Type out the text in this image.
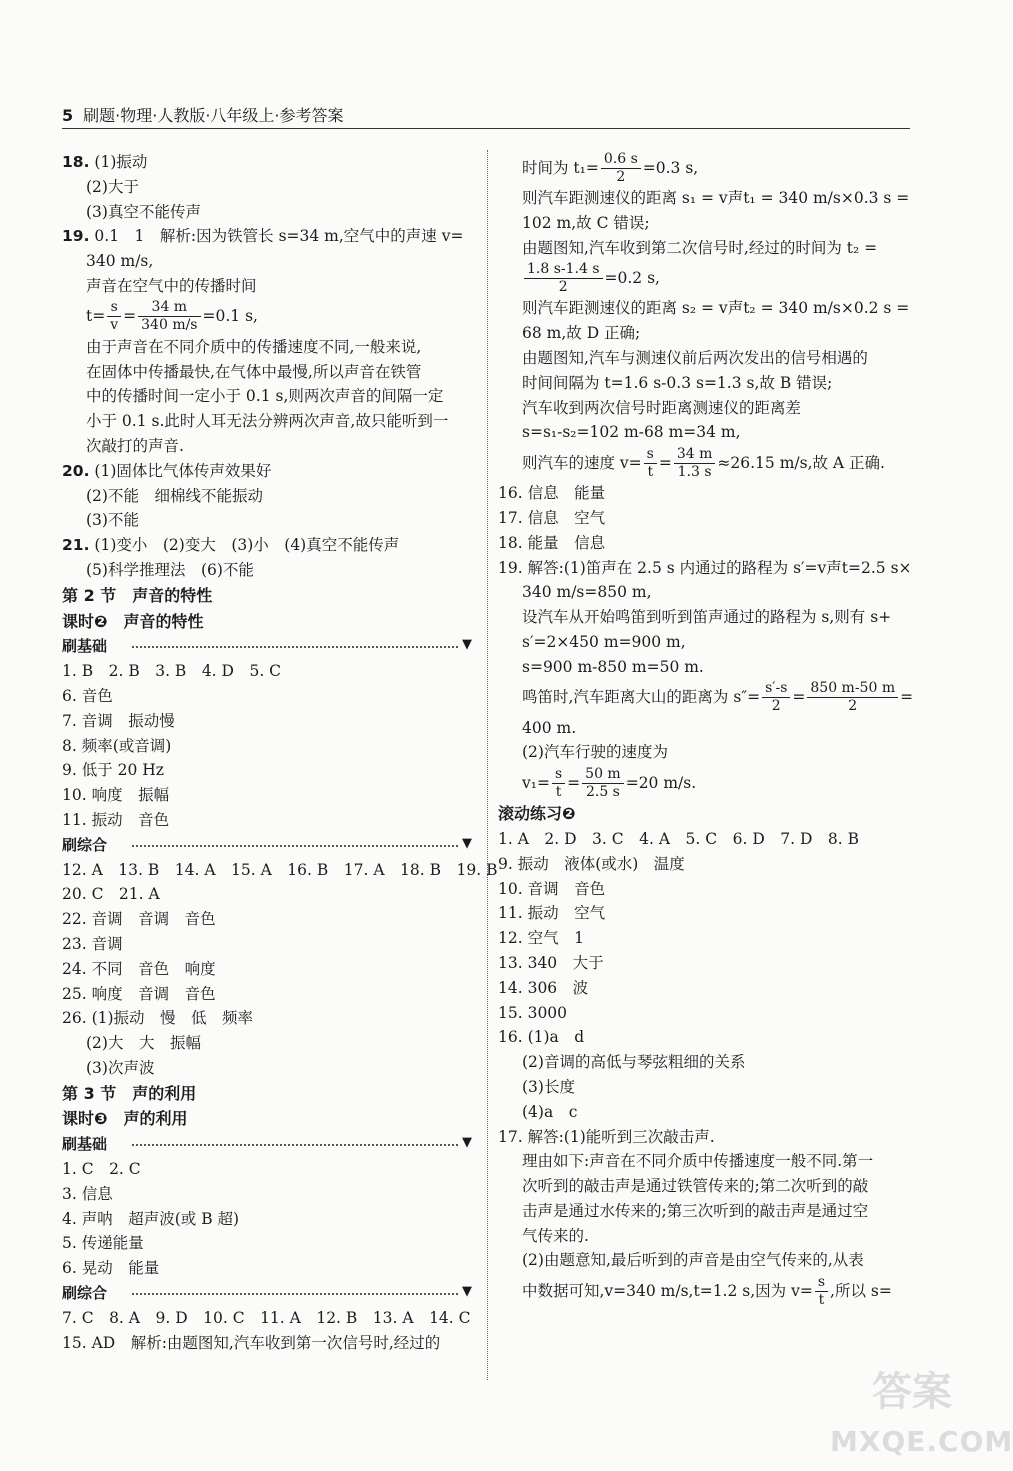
5 刷题·物理·人教版·八年级上·参考答案
18. (1)振动
(2)大于
(3)真空不能传声
19. 0.1　1　解析:因为铁管长 s=34 m,空气中的声速 v=
340 m/s,
声音在空气中的传播时间
$t= \frac{s}{v} = \frac{34 m}{340 m/s} =0.1$ s,
由于声音在不同介质中的传播速度不同,一般来说,
在固体中传播最快,在气体中最慢,所以声音在铁管
中的传播时间一定小于 0.1 s,则两次声音的间隔一定
小于 0.1 s.此时人耳无法分辨两次声音,故只能听到一
次敲打的声音.
20. (1)固体比气体传声效果好
(2)不能　细棉线不能振动
(3)不能
21. (1)变小　(2)变大　(3)小　(4)真空不能传声
(5)科学推理法　(6)不能
第 2 节　声音的特性
课时❷　声音的特性
刷基础	▼
1. B　2. B　3. B　4. D　5. C
6. 音色
7. 音调　振动慢
8. 频率(或音调)
9. 低于 20 Hz
10. 响度　振幅
11. 振动　音色
刷综合	▼
12. A　13. B　14. A　15. A　16. B　17. A　18. B　19. B
20. C　21. A
22. 音调　音调　音色
23. 音调
24. 不同　音色　响度
25. 响度　音调　音色
26. (1)振动　慢　低　频率
(2)大　大　振幅
(3)次声波
第 3 节　声的利用
课时❸　声的利用
刷基础	▼
1. C　2. C
3. 信息
4. 声呐　超声波(或 B 超)
5. 传递能量
6. 晃动　能量
刷综合	▼
7. C　8. A　9. D　10. C　11. A　12. B　13. A　14. C
15. AD　解析:由题图知,汽车收到第一次信号时,经过的
时间为 $t_1= \frac{0.6 s}{2} =0.3$ s,
则汽车距测速仪的距离 s₁ = v声t₁ = 340 m/s×0.3 s =
102 m,故 C 错误;
由题图知,汽车收到第二次信号时,经过的时间为 t₂ =
$\frac{1.8 s-1.4 s}{2} =0.2$ s,
则汽车距测速仪的距离 s₂ = v声t₂ = 340 m/s×0.2 s =
68 m,故 D 正确;
由题图知,汽车与测速仪前后两次发出的信号相遇的
时间间隔为 t=1.6 s-0.3 s=1.3 s,故 B 错误;
汽车收到两次信号时距离测速仪的距离差
s=s₁-s₂=102 m-68 m=34 m,
则汽车的速度 $v= \frac{s}{t} = \frac{34 m}{1.3 s} \approx 26.15$ m/s,故 A 正确.
16. 信息　能量
17. 信息　空气
18. 能量　信息
19. 解答:(1)笛声在 2.5 s 内通过的路程为 s′=v声t=2.5 s×
340 m/s=850 m,
设汽车从开始鸣笛到听到笛声通过的路程为 s,则有 s+
s′=2×450 m=900 m,
s=900 m-850 m=50 m.
鸣笛时,汽车距离大山的距离为 $s''= \frac{s'-s}{2} = \frac{850 m-50 m}{2}$ =
400 m.
(2)汽车行驶的速度为
$v_1= \frac{s}{t} = \frac{50 m}{2.5 s} =20$ m/s.
滚动练习❷
1. A　2. D　3. C　4. A　5. C　6. D　7. D　8. B
9. 振动　液体(或水)　温度
10. 音调　音色
11. 振动　空气
12. 空气　1
13. 340　大于
14. 306　波
15. 3000
16. (1)a　d
(2)音调的高低与琴弦粗细的关系
(3)长度
(4)a　c
17. 解答:(1)能听到三次敲击声.
理由如下:声音在不同介质中传播速度一般不同.第一
次听到的敲击声是通过铁管传来的;第二次听到的敲
击声是通过水传来的;第三次听到的敲击声是通过空
气传来的.
(2)由题意知,最后听到的声音是由空气传来的,从表
中数据可知,v=340 m/s,t=1.2 s,因为 $v= \frac{s}{t}$ ,所以 s=
答案
MXQE.COM
